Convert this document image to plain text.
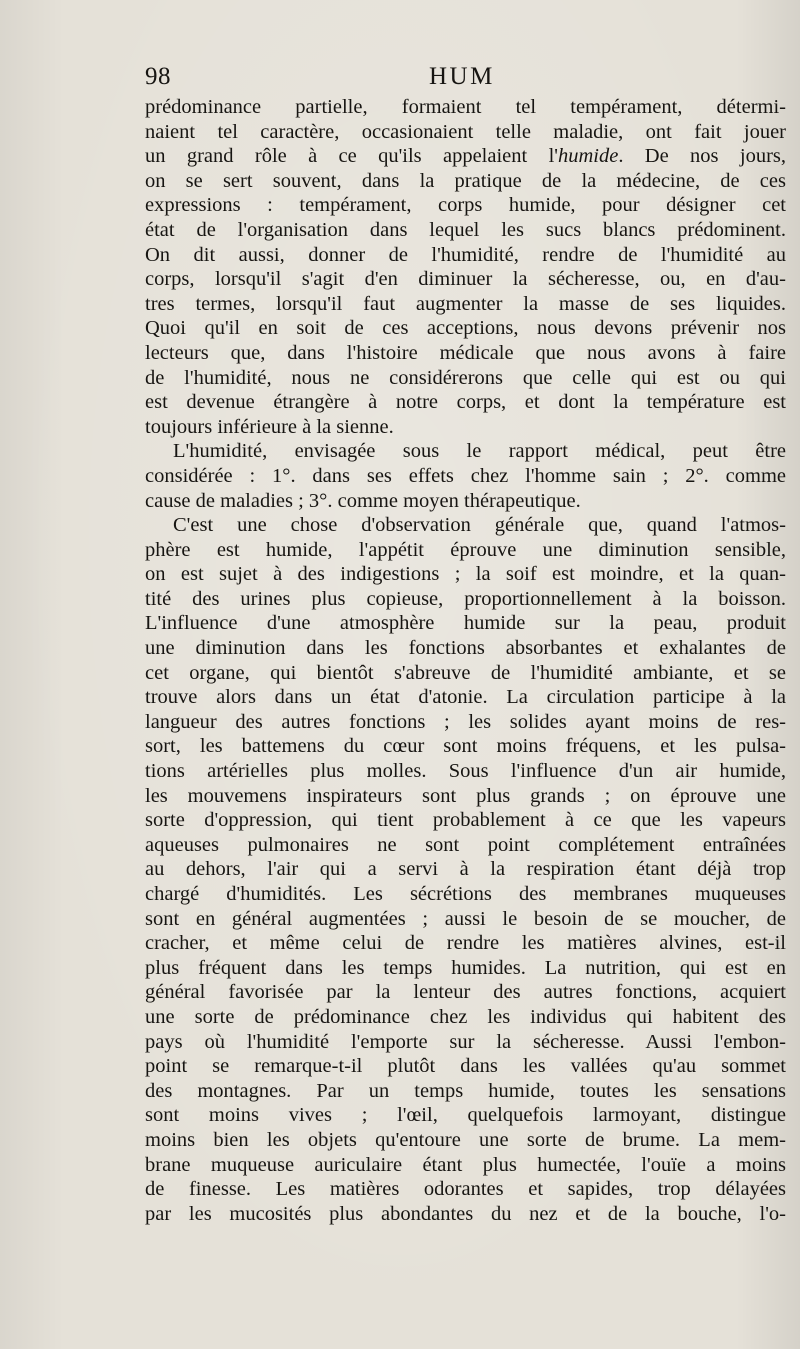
98	HUM
prédominance partielle, formaient tel tempérament, détermi-
naient tel caractère, occasionaient telle maladie, ont fait jouer
un grand rôle à ce qu'ils appelaient l'humide. De nos jours,
on se sert souvent, dans la pratique de la médecine, de ces
expressions : tempérament, corps humide, pour désigner cet
état de l'organisation dans lequel les sucs blancs prédominent.
On dit aussi, donner de l'humidité, rendre de l'humidité au
corps, lorsqu'il s'agit d'en diminuer la sécheresse, ou, en d'au-
tres termes, lorsqu'il faut augmenter la masse de ses liquides.
Quoi qu'il en soit de ces acceptions, nous devons prévenir nos
lecteurs que, dans l'histoire médicale que nous avons à faire
de l'humidité, nous ne considérerons que celle qui est ou qui
est devenue étrangère à notre corps, et dont la température est
toujours inférieure à la sienne.
L'humidité, envisagée sous le rapport médical, peut être
considérée : 1°. dans ses effets chez l'homme sain ; 2°. comme
cause de maladies ; 3°. comme moyen thérapeutique.
C'est une chose d'observation générale que, quand l'atmos-
phère est humide, l'appétit éprouve une diminution sensible,
on est sujet à des indigestions ; la soif est moindre, et la quan-
tité des urines plus copieuse, proportionnellement à la boisson.
L'influence d'une atmosphère humide sur la peau, produit
une diminution dans les fonctions absorbantes et exhalantes de
cet organe, qui bientôt s'abreuve de l'humidité ambiante, et se
trouve alors dans un état d'atonie. La circulation participe à la
langueur des autres fonctions ; les solides ayant moins de res-
sort, les battemens du cœur sont moins fréquens, et les pulsa-
tions artérielles plus molles. Sous l'influence d'un air humide,
les mouvemens inspirateurs sont plus grands ; on éprouve une
sorte d'oppression, qui tient probablement à ce que les vapeurs
aqueuses pulmonaires ne sont point complétement entraînées
au dehors, l'air qui a servi à la respiration étant déjà trop
chargé d'humidités. Les sécrétions des membranes muqueuses
sont en général augmentées ; aussi le besoin de se moucher, de
cracher, et même celui de rendre les matières alvines, est-il
plus fréquent dans les temps humides. La nutrition, qui est en
général favorisée par la lenteur des autres fonctions, acquiert
une sorte de prédominance chez les individus qui habitent des
pays où l'humidité l'emporte sur la sécheresse. Aussi l'embon-
point se remarque-t-il plutôt dans les vallées qu'au sommet
des montagnes. Par un temps humide, toutes les sensations
sont moins vives ; l'œil, quelquefois larmoyant, distingue
moins bien les objets qu'entoure une sorte de brume. La mem-
brane muqueuse auriculaire étant plus humectée, l'ouïe a moins
de finesse. Les matières odorantes et sapides, trop délayées
par les mucosités plus abondantes du nez et de la bouche, l'o-
